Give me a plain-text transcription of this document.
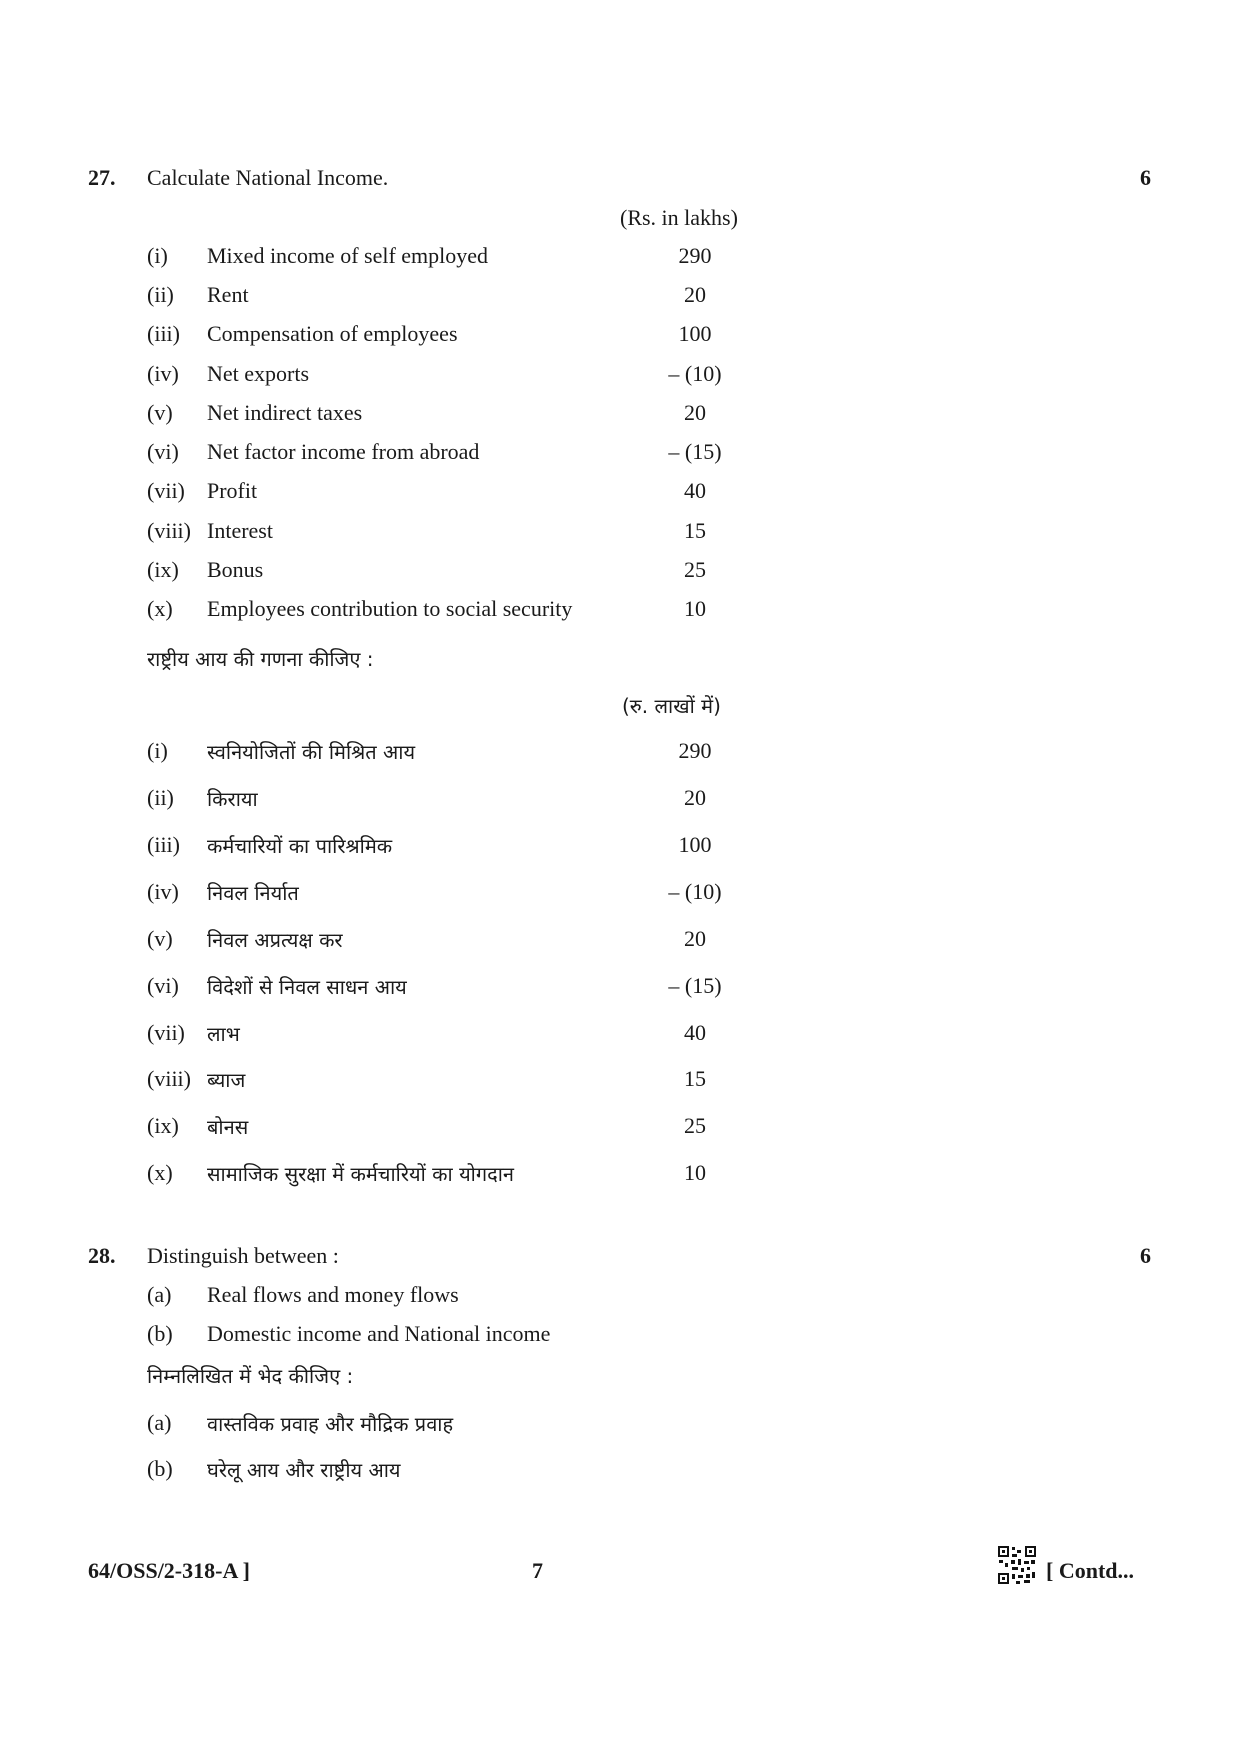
27. Calculate National Income.	6
(Rs. in lakhs)
(i) Mixed income of self employed	290
(ii) Rent	20
(iii) Compensation of employees	100
(iv) Net exports	– (10)
(v) Net indirect taxes	20
(vi) Net factor income from abroad	– (15)
(vii) Profit	40
(viii) Interest	15
(ix) Bonus	25
(x) Employees contribution to social security	10
राष्ट्रीय आय की गणना कीजिए :
(रु. लाखों में)
(i) स्वनियोजितों की मिश्रित आय	290
(ii) किराया	20
(iii) कर्मचारियों का पारिश्रमिक	100
(iv) निवल निर्यात	– (10)
(v) निवल अप्रत्यक्ष कर	20
(vi) विदेशों से निवल साधन आय	– (15)
(vii) लाभ	40
(viii) ब्याज	15
(ix) बोनस	25
(x) सामाजिक सुरक्षा में कर्मचारियों का योगदान	10
28. Distinguish between :	6
(a) Real flows and money flows
(b) Domestic income and National income
निम्नलिखित में भेद कीजिए :
(a) वास्तविक प्रवाह और मौद्रिक प्रवाह
(b) घरेलू आय और राष्ट्रीय आय
64/OSS/2-318-A ]	7	[ Contd...
